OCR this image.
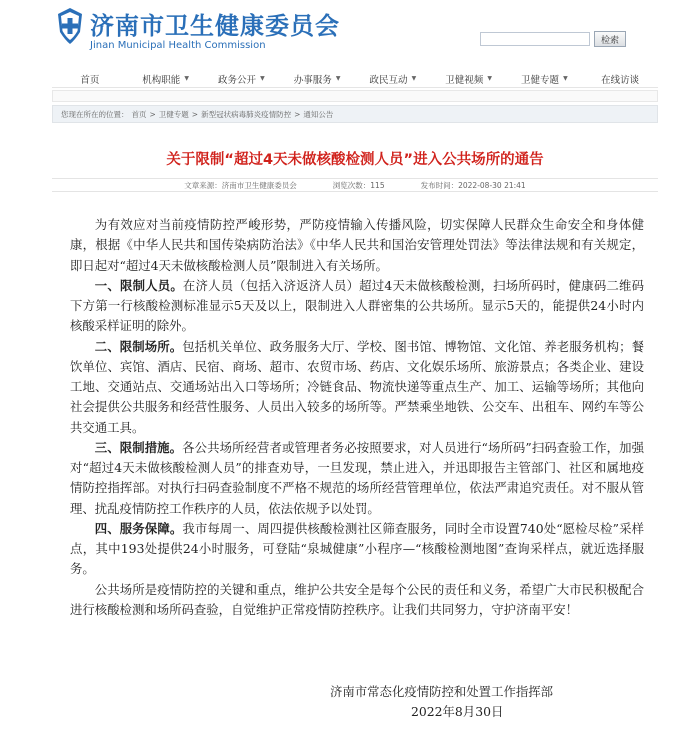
济南市卫生健康委员会
Jinan Municipal Health Commission	检索
首页	机构职能 ▼	政务公开 ▼	办事服务 ▼	政民互动 ▼	卫健视频 ▼	卫健专题 ▼	在线访谈
您现在所在的位置： 首页 > 卫健专题 > 新型冠状病毒肺炎疫情防控 > 通知公告
关于限制“超过4天未做核酸检测人员”进入公共场所的通告
文章来源：济南市卫生健康委员会	浏览次数：115	发布时间：2022-08-30 21:41

为有效应对当前疫情防控严峻形势，严防疫情输入传播风险，切实保障人民群众生命安全和身体健康，根据《中华人民共和国传染病防治法》《中华人民共和国治安管理处罚法》等法律法规和有关规定，即日起对“超过4天未做核酸检测人员”限制进入有关场所。

一、限制人员。在济人员（包括入济返济人员）超过4天未做核酸检测，扫场所码时，健康码二维码下方第一行核酸检测标准显示5天及以上，限制进入人群密集的公共场所。显示5天的，能提供24小时内核酸采样证明的除外。

二、限制场所。包括机关单位、政务服务大厅、学校、图书馆、博物馆、文化馆、养老服务机构；餐饮单位、宾馆、酒店、民宿、商场、超市、农贸市场、药店、文化娱乐场所、旅游景点；各类企业、建设工地、交通站点、交通场站出入口等场所；冷链食品、物流快递等重点生产、加工、运输等场所；其他向社会提供公共服务和经营性服务、人员出入较多的场所等。严禁乘坐地铁、公交车、出租车、网约车等公共交通工具。

三、限制措施。各公共场所经营者或管理者务必按照要求，对人员进行“场所码”扫码查验工作，加强对“超过4天未做核酸检测人员”的排查劝导，一旦发现，禁止进入，并迅即报告主管部门、社区和属地疫情防控指挥部。对执行扫码查验制度不严格不规范的场所经营管理单位，依法严肃追究责任。对不服从管理、扰乱疫情防控工作秩序的人员，依法依规予以处罚。

四、服务保障。我市每周一、周四提供核酸检测社区筛查服务，同时全市设置740处“愿检尽检”采样点，其中193处提供24小时服务，可登陆“泉城健康”小程序—“核酸检测地图”查询采样点，就近选择服务。

公共场所是疫情防控的关键和重点，维护公共安全是每个公民的责任和义务，希望广大市民积极配合进行核酸检测和场所码查验，自觉维护正常疫情防控秩序。让我们共同努力，守护济南平安！

济南市常态化疫情防控和处置工作指挥部
2022年8月30日
